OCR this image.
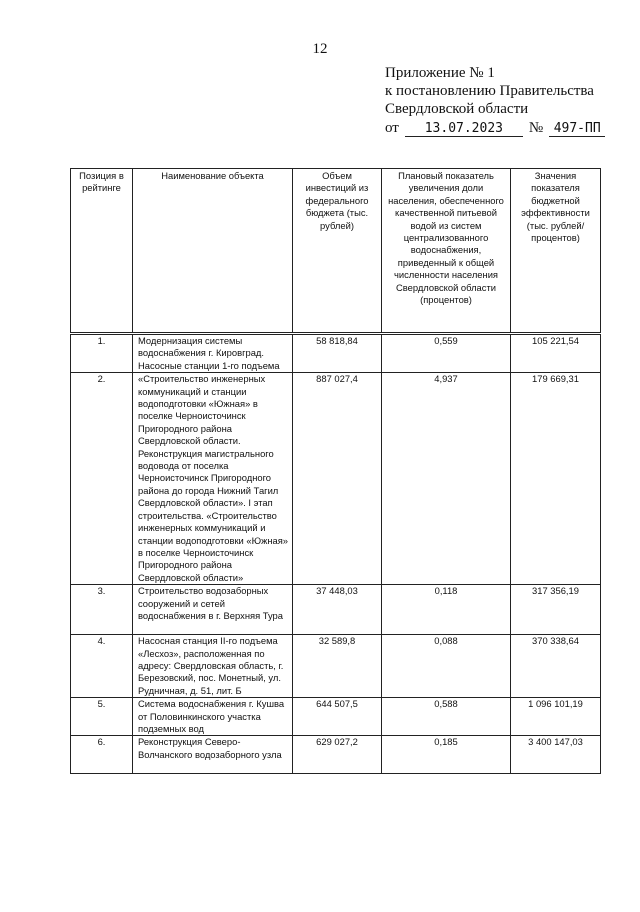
12
Приложение № 1
к постановлению Правительства
Свердловской области
от 13.07.2023 № 497-ПП
Позиция в рейтинге	Наименование объекта	Объем инвестиций из федерального бюджета (тыс. рублей)	Плановый показатель увеличения доли населения, обеспеченного качественной питьевой водой из систем централизованного водоснабжения, приведенный к общей численности населения Свердловской области (процентов)	Значения показателя бюджетной эффективности (тыс. рублей/ процентов)
1.	Модернизация системы водоснабжения г. Кировград. Насосные станции 1-го подъема	58 818,84	0,559	105 221,54
2.	«Строительство инженерных коммуникаций и станции водоподготовки «Южная» в поселке Черноисточинск Пригородного района Свердловской области. Реконструкция магистрального водовода от поселка Черноисточинск Пригородного района до города Нижний Тагил Свердловской области». I этап строительства. «Строительство инженерных коммуникаций и станции водоподготовки «Южная» в поселке Черноисточинск Пригородного района Свердловской области»	887 027,4	4,937	179 669,31
3.	Строительство водозаборных сооружений и сетей водоснабжения в г. Верхняя Тура	37 448,03	0,118	317 356,19
4.	Насосная станция II-го подъема «Лесхоз», расположенная по адресу: Свердловская область, г. Березовский, пос. Монетный, ул. Рудничная, д. 51, лит. Б	32 589,8	0,088	370 338,64
5.	Система водоснабжения г. Кушва от Половинкинского участка подземных вод	644 507,5	0,588	1 096 101,19
6.	Реконструкция Северо-Волчанского водозаборного узла	629 027,2	0,185	3 400 147,03
